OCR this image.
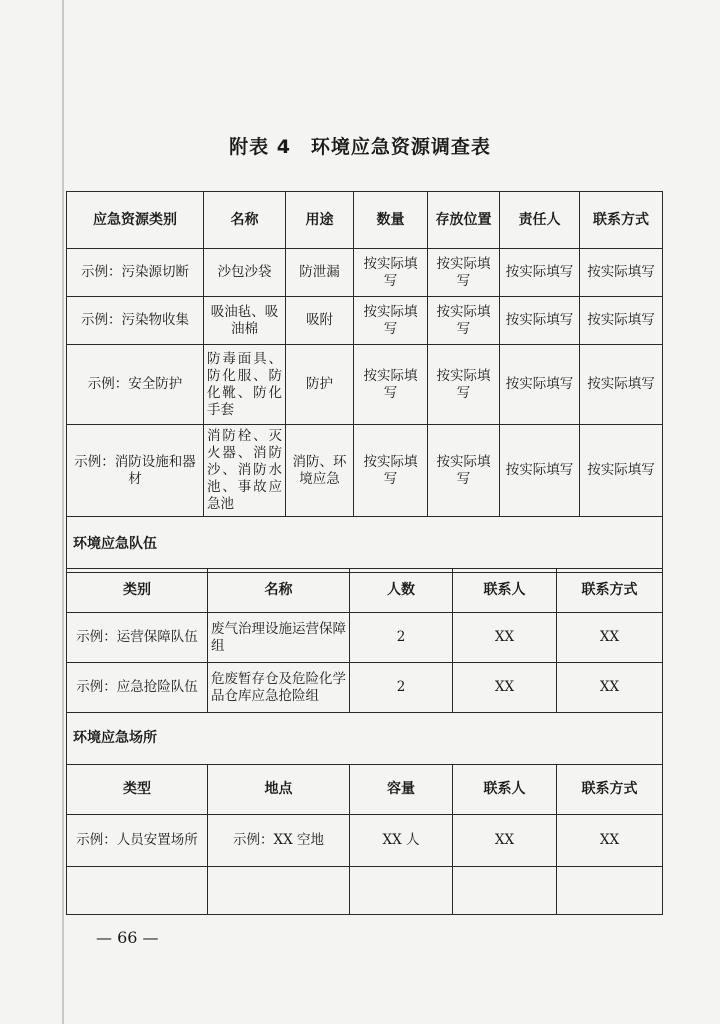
附表 4　环境应急资源调查表
应急资源类别	名称	用途	数量	存放位置	责任人	联系方式
示例：污染源切断	沙包沙袋	防泄漏	按实际填写	按实际填写	按实际填写	按实际填写
示例：污染物收集	吸油毡、吸油棉	吸附	按实际填写	按实际填写	按实际填写	按实际填写
示例：安全防护	防毒面具、防化服、防化靴、防化手套	防护	按实际填写	按实际填写	按实际填写	按实际填写
示例：消防设施和器材	消防栓、灭火器、消防沙、消防水池、事故应急池	消防、环境应急	按实际填写	按实际填写	按实际填写	按实际填写
环境应急队伍						
类别	名称	人数	联系人	联系方式
示例：运营保障队伍	废气治理设施运营保障组	2	XX	XX
示例：应急抢险队伍	危废暂存仓及危险化学品仓库应急抢险组	2	XX	XX
环境应急场所				
类型	地点	容量	联系人	联系方式
示例：人员安置场所	示例：XX 空地	XX 人	XX	XX

— 66 —
